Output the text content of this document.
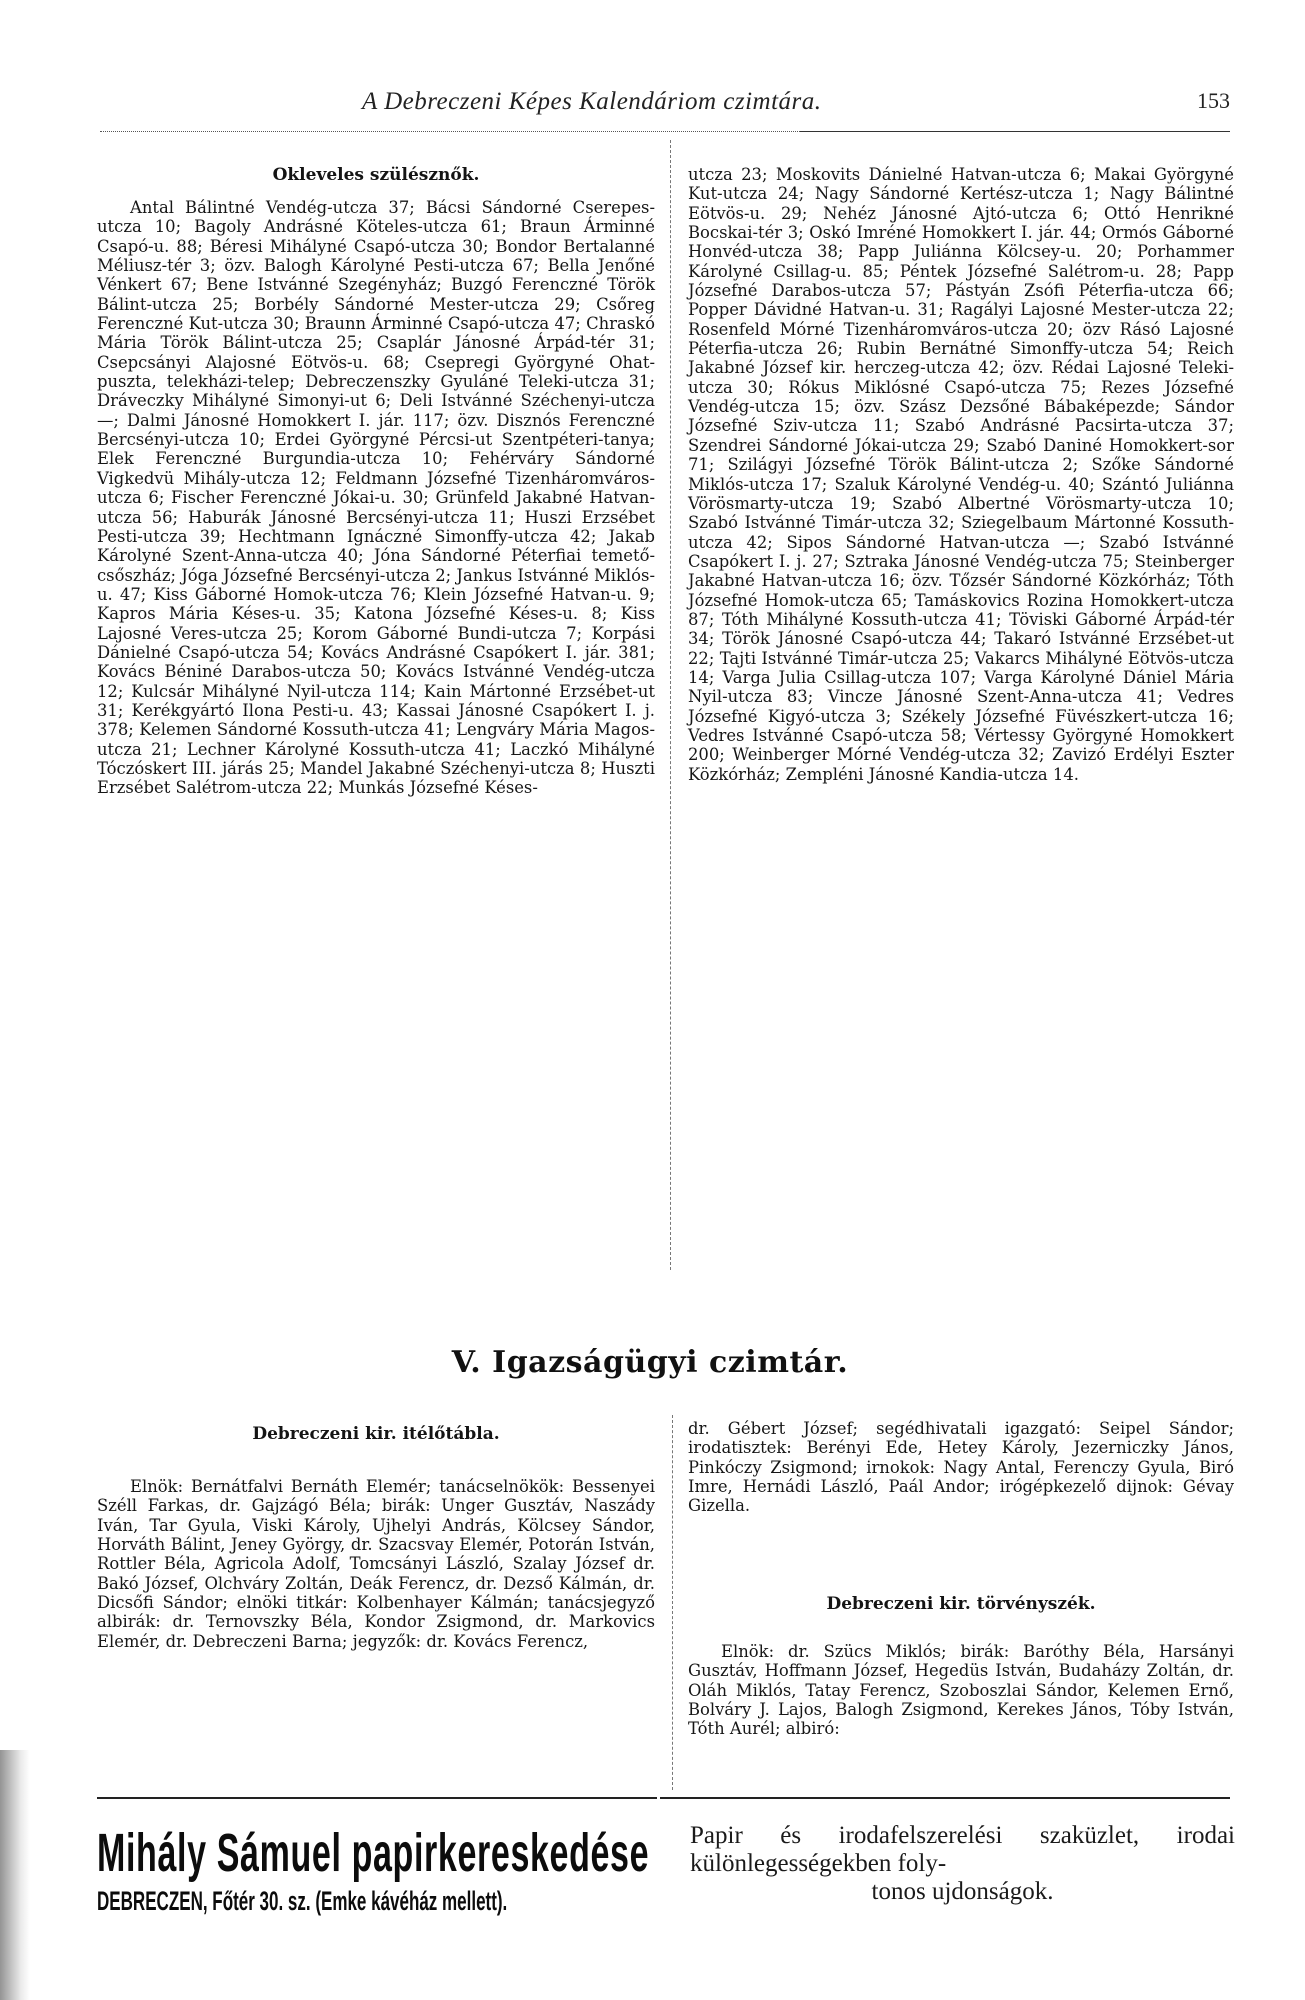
A Debreczeni Képes Kalendáriom czimtára.	153
Okleveles szülésznők.

Antal Bálintné Vendég-utcza 37; Bácsi Sándorné Cserepes-utcza 10; Bagoly Andrásné Köteles-utcza 61; Braun Árminné Csapó-u. 88; Béresi Mihályné Csapó-utcza 30; Bondor Bertalanné Méliusz-tér 3; özv. Balogh Károlyné Pesti-utcza 67; Bella Jenőné Vénkert 67; Bene Istvánné Szegényház; Buzgó Ferenczné Török Bálint-utcza 25; Borbély Sándorné Mester-utcza 29; Csőreg Ferenczné Kut-utcza 30; Braunn Árminné Csapó-utcza 47; Chraskó Mária Török Bálint-utcza 25; Csaplár Jánosné Árpád-tér 31; Csepcsányi Alajosné Eötvös-u. 68; Csepregi Györgyné Ohat-puszta, telekházi-telep; Debreczenszky Gyuláné Teleki-utcza 31; Dráveczky Mihályné Simonyi-ut 6; Deli Istvánné Széchenyi-utcza —; Dalmi Jánosné Homokkert I. jár. 117; özv. Disznós Ferenczné Bercsényi-utcza 10; Erdei Györgyné Pércsi-ut Szentpéteri-tanya; Elek Ferenczné Burgundia-utcza 10; Fehérváry Sándorné Vigkedvü Mihály-utcza 12; Feldmann Józsefné Tizenháromváros-utcza 6; Fischer Ferenczné Jókai-u. 30; Grünfeld Jakabné Hatvan-utcza 56; Haburák Jánosné Bercsényi-utcza 11; Huszi Erzsébet Pesti-utcza 39; Hechtmann Ignáczné Simonffy-utcza 42; Jakab Károlyné Szent-Anna-utcza 40; Jóna Sándorné Péterfiai temető-csőszház; Jóga Józsefné Bercsényi-utcza 2; Jankus Istvánné Miklós-u. 47; Kiss Gáborné Homok-utcza 76; Klein Józsefné Hatvan-u. 9; Kapros Mária Késes-u. 35; Katona Józsefné Késes-u. 8; Kiss Lajosné Veres-utcza 25; Korom Gáborné Bundi-utcza 7; Korpási Dánielné Csapó-utcza 54; Kovács Andrásné Csapókert I. jár. 381; Kovács Béniné Darabos-utcza 50; Kovács Istvánné Vendég-utcza 12; Kulcsár Mihályné Nyil-utcza 114; Kain Mártonné Erzsébet-ut 31; Kerékgyártó Ilona Pesti-u. 43; Kassai Jánosné Csapókert I. j. 378; Kelemen Sándorné Kossuth-utcza 41; Lengváry Mária Magos-utcza 21; Lechner Károlyné Kossuth-utcza 41; Laczkó Mihályné Tóczóskert III. járás 25; Mandel Jakabné Széchenyi-utcza 8; Huszti Erzsébet Salétrom-utcza 22; Munkás Józsefné Késes-

utcza 23; Moskovits Dánielné Hatvan-utcza 6; Makai Györgyné Kut-utcza 24; Nagy Sándorné Kertész-utcza 1; Nagy Bálintné Eötvös-u. 29; Nehéz Jánosné Ajtó-utcza 6; Ottó Henrikné Bocskai-tér 3; Oskó Imréné Homokkert I. jár. 44; Ormós Gáborné Honvéd-utcza 38; Papp Juliánna Kölcsey-u. 20; Porhammer Károlyné Csillag-u. 85; Péntek Józsefné Salétrom-u. 28; Papp Józsefné Darabos-utcza 57; Pástyán Zsófi Péterfia-utcza 66; Popper Dávidné Hatvan-u. 31; Ragályi Lajosné Mester-utcza 22; Rosenfeld Mórné Tizenháromváros-utcza 20; özv Rásó Lajosné Péterfia-utcza 26; Rubin Bernátné Simonffy-utcza 54; Reich Jakabné József kir. herczeg-utcza 42; özv. Rédai Lajosné Teleki-utcza 30; Rókus Miklósné Csapó-utcza 75; Rezes Józsefné Vendég-utcza 15; özv. Szász Dezsőné Bábaképezde; Sándor Józsefné Sziv-utcza 11; Szabó Andrásné Pacsirta-utcza 37; Szendrei Sándorné Jókai-utcza 29; Szabó Daniné Homokkert-sor 71; Szilágyi Józsefné Török Bálint-utcza 2; Szőke Sándorné Miklós-utcza 17; Szaluk Károlyné Vendég-u. 40; Szántó Juliánna Vörösmarty-utcza 19; Szabó Albertné Vörösmarty-utcza 10; Szabó Istvánné Timár-utcza 32; Sziegelbaum Mártonné Kossuth-utcza 42; Sipos Sándorné Hatvan-utcza —; Szabó Istvánné Csapókert I. j. 27; Sztraka Jánosné Vendég-utcza 75; Steinberger Jakabné Hatvan-utcza 16; özv. Tőzsér Sándorné Közkórház; Tóth Józsefné Homok-utcza 65; Tamáskovics Rozina Homokkert-utcza 87; Tóth Mihályné Kossuth-utcza 41; Töviski Gáborné Árpád-tér 34; Török Jánosné Csapó-utcza 44; Takaró Istvánné Erzsébet-ut 22; Tajti Istvánné Timár-utcza 25; Vakarcs Mihályné Eötvös-utcza 14; Varga Julia Csillag-utcza 107; Varga Károlyné Dániel Mária Nyil-utcza 83; Vincze Jánosné Szent-Anna-utcza 41; Vedres Józsefné Kigyó-utcza 3; Székely Józsefné Füvészkert-utcza 16; Vedres Istvánné Csapó-utcza 58; Vértessy Györgyné Homokkert 200; Weinberger Mórné Vendég-utcza 32; Zavizó Erdélyi Eszter Közkórház; Zempléni Jánosné Kandia-utcza 14.

V. Igazságügyi czimtár.
Debreczeni kir. itélőtábla.

Elnök: Bernátfalvi Bernáth Elemér; tanácselnökök: Bessenyei Széll Farkas, dr. Gajzágó Béla; birák: Unger Gusztáv, Naszády Iván, Tar Gyula, Viski Károly, Ujhelyi András, Kölcsey Sándor, Horváth Bálint, Jeney György, dr. Szacsvay Elemér, Potorán István, Rottler Béla, Agricola Adolf, Tomcsányi László, Szalay József dr. Bakó József, Olchváry Zoltán, Deák Ferencz, dr. Dezső Kálmán, dr. Dicsőfi Sándor; elnöki titkár: Kolbenhayer Kálmán; tanácsjegyző albirák: dr. Ternovszky Béla, Kondor Zsigmond, dr. Markovics Elemér, dr. Debreczeni Barna; jegyzők: dr. Kovács Ferencz,

dr. Gébert József; segédhivatali igazgató: Seipel Sándor; irodatisztek: Berényi Ede, Hetey Károly, Jezerniczky János, Pinkóczy Zsigmond; irnokok: Nagy Antal, Ferenczy Gyula, Biró Imre, Hernádi László, Paál Andor; irógépkezelő dijnok: Gévay Gizella.

Debreczeni kir. törvényszék.

Elnök: dr. Szücs Miklós; birák: Baróthy Béla, Harsányi Gusztáv, Hoffmann József, Hegedüs István, Budaházy Zoltán, dr. Oláh Miklós, Tatay Ferencz, Szoboszlai Sándor, Kelemen Ernő, Bolváry J. Lajos, Balogh Zsigmond, Kerekes János, Tóby István, Tóth Aurél; albiró:

Mihály Sámuel papirkereskedése
DEBRECZEN, Főtér 30. sz. (Emke kávéház mellett).
Papir és irodafelszerelési szaküzlet, irodai különlegességekben foly-
tonos ujdonságok.
